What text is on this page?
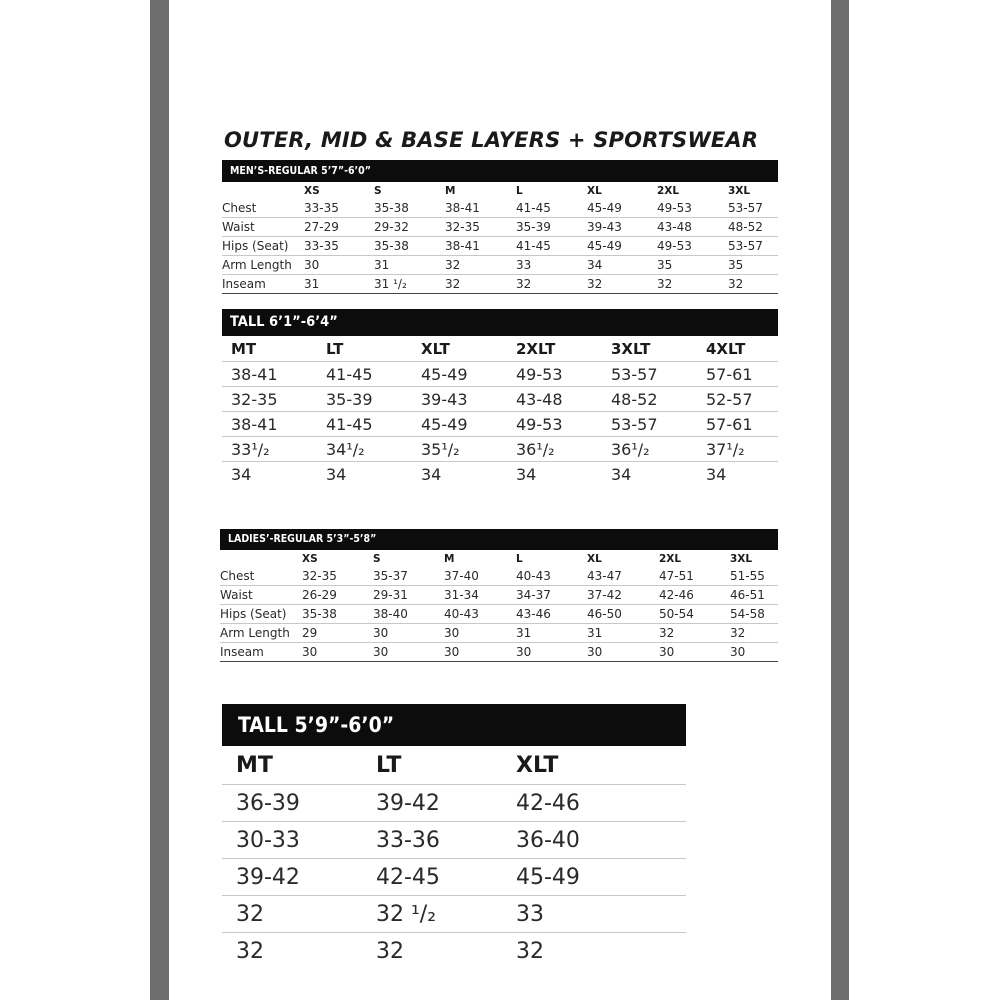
OUTER, MID & BASE LAYERS + SPORTSWEAR
MEN’S-REGULAR 5’7”-6’0”
	XS	S	M	L	XL	2XL	3XL
Chest	33-35	35-38	38-41	41-45	45-49	49-53	53-57
Waist	27-29	29-32	32-35	35-39	39-43	43-48	48-52
Hips (Seat)	33-35	35-38	38-41	41-45	45-49	49-53	53-57
Arm Length	30	31	32	33	34	35	35
Inseam	31	31 ¹/₂	32	32	32	32	32
TALL 6’1”-6’4”
MT	LT	XLT	2XLT	3XLT	4XLT
38-41	41-45	45-49	49-53	53-57	57-61
32-35	35-39	39-43	43-48	48-52	52-57
38-41	41-45	45-49	49-53	53-57	57-61
33¹/₂	34¹/₂	35¹/₂	36¹/₂	36¹/₂	37¹/₂
34	34	34	34	34	34
LADIES’-REGULAR 5’3”-5’8”
	XS	S	M	L	XL	2XL	3XL
Chest	32-35	35-37	37-40	40-43	43-47	47-51	51-55
Waist	26-29	29-31	31-34	34-37	37-42	42-46	46-51
Hips (Seat)	35-38	38-40	40-43	43-46	46-50	50-54	54-58
Arm Length	29	30	30	31	31	32	32
Inseam	30	30	30	30	30	30	30
TALL 5’9”-6’0”
MT	LT	XLT
36-39	39-42	42-46
30-33	33-36	36-40
39-42	42-45	45-49
32	32 ¹/₂	33
32	32	32
